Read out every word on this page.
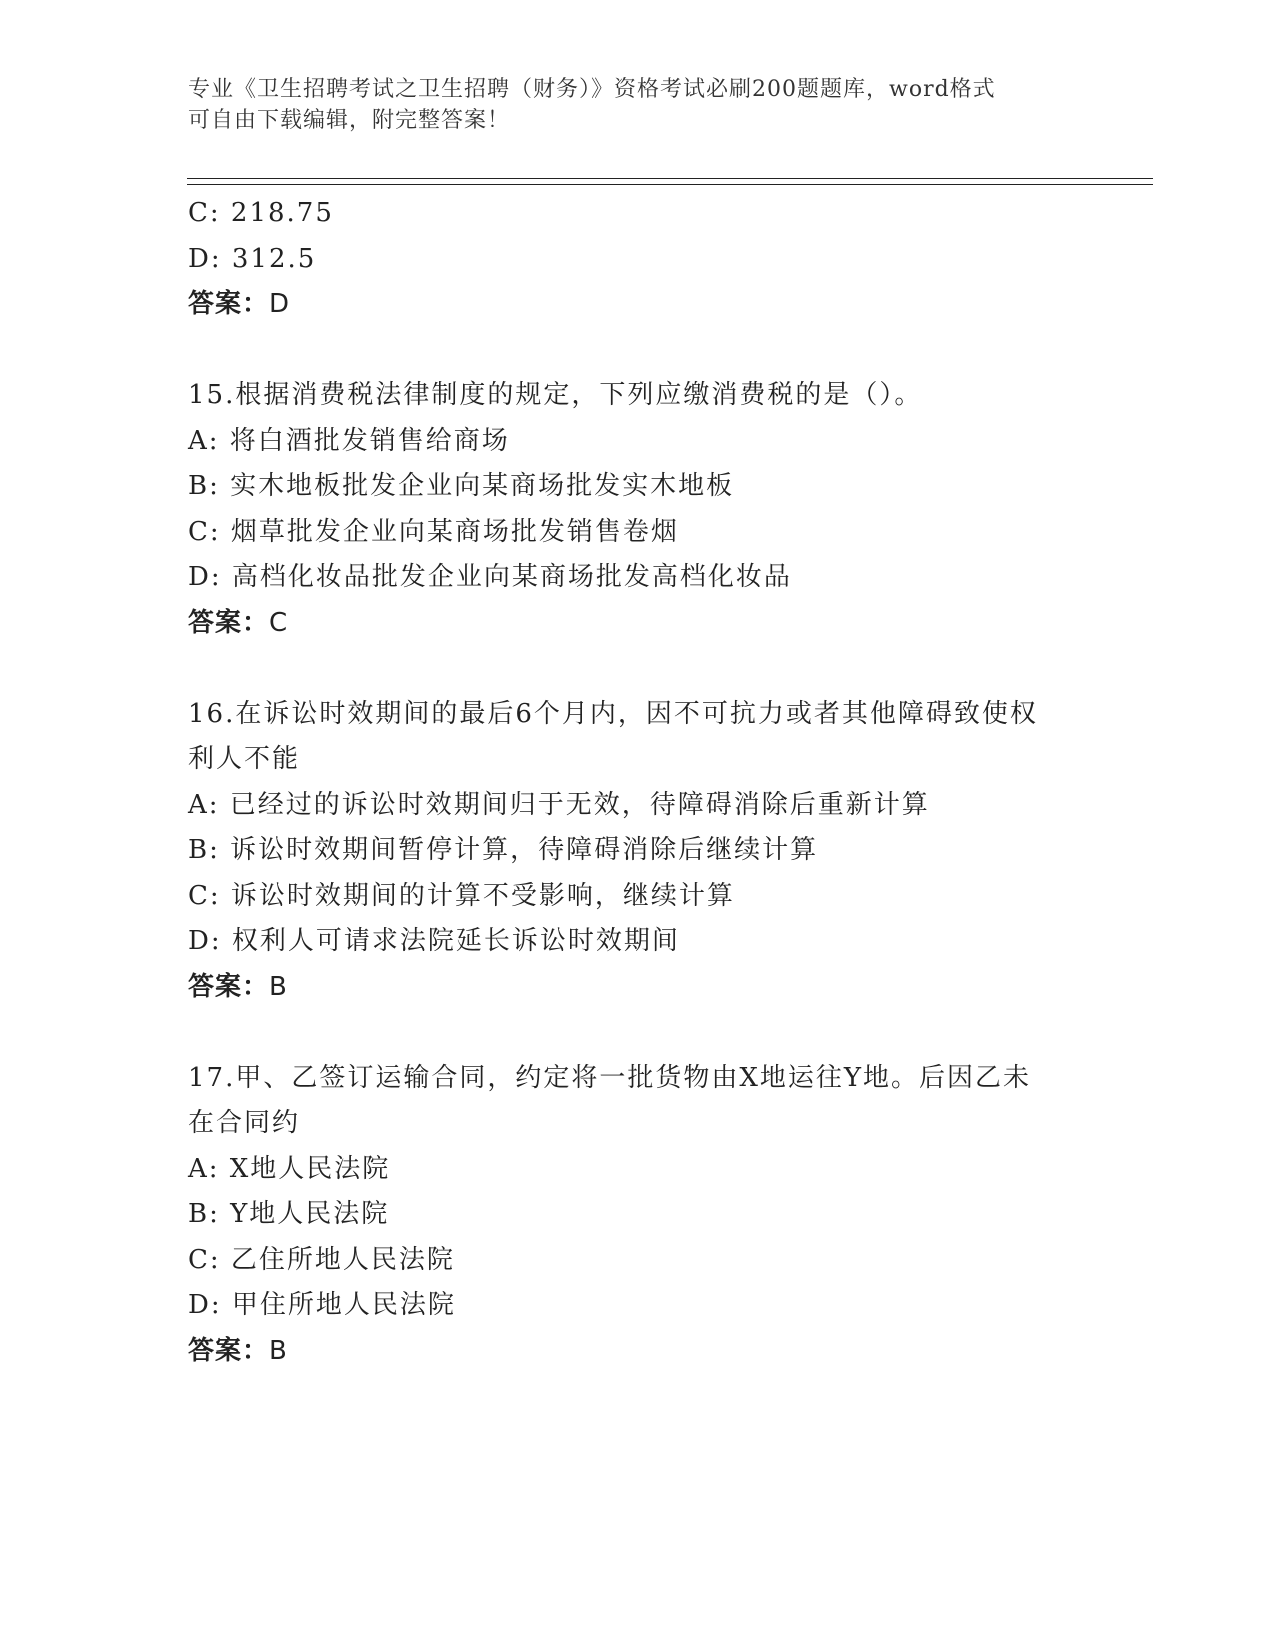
专业《卫生招聘考试之卫生招聘（财务）》资格考试必刷200题题库，word格式
可自由下载编辑，附完整答案！
C: 218.75
D: 312.5
答案：D
15.根据消费税法律制度的规定，下列应缴消费税的是（）。
A: 将白酒批发销售给商场
B: 实木地板批发企业向某商场批发实木地板
C: 烟草批发企业向某商场批发销售卷烟
D: 高档化妆品批发企业向某商场批发高档化妆品
答案：C
16.在诉讼时效期间的最后6个月内，因不可抗力或者其他障碍致使权
利人不能
A: 已经过的诉讼时效期间归于无效，待障碍消除后重新计算
B: 诉讼时效期间暂停计算，待障碍消除后继续计算
C: 诉讼时效期间的计算不受影响，继续计算
D: 权利人可请求法院延长诉讼时效期间
答案：B
17.甲、乙签订运输合同，约定将一批货物由X地运往Y地。后因乙未
在合同约
A: X地人民法院
B: Y地人民法院
C: 乙住所地人民法院
D: 甲住所地人民法院
答案：B
